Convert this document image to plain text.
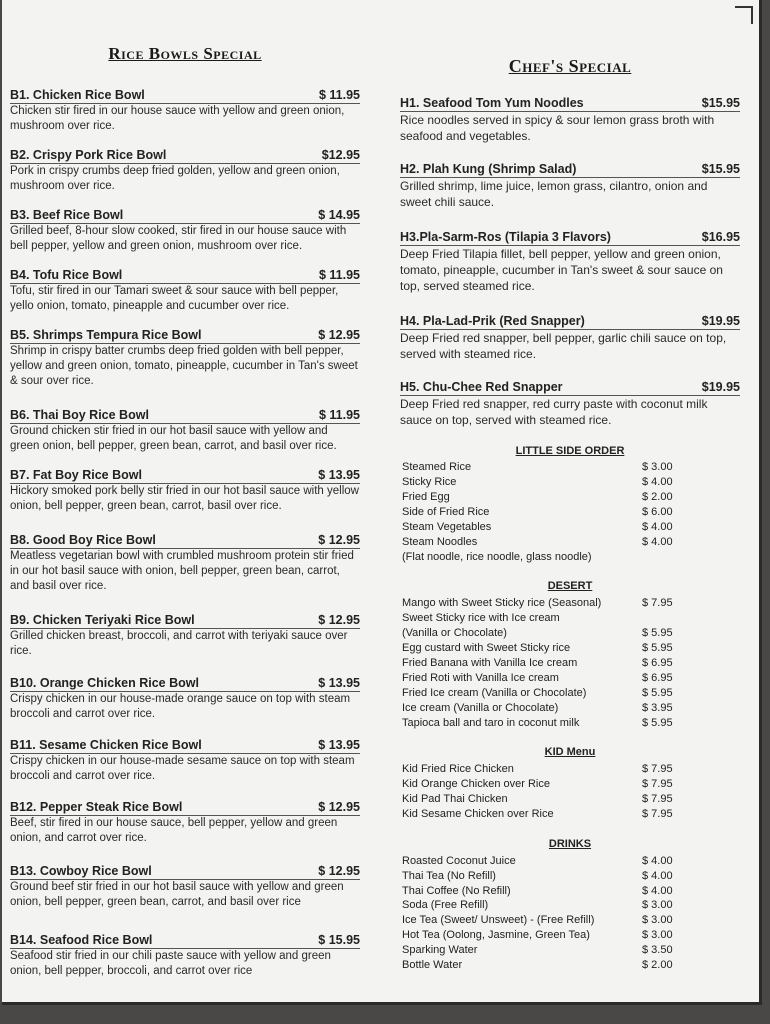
Rice Bowls Special
B1. Chicken Rice Bowl	$ 11.95
Chicken stir fired in our house sauce with yellow and green onion, mushroom over rice.
B2. Crispy Pork Rice Bowl	$12.95
Pork in crispy crumbs deep fried golden, yellow and green onion, mushroom over rice.
B3. Beef Rice Bowl	$ 14.95
Grilled beef, 8-hour slow cooked, stir fired in our house sauce with bell pepper, yellow and green onion, mushroom over rice.
B4. Tofu Rice Bowl	$ 11.95
Tofu, stir fired in our Tamari sweet & sour sauce with bell pepper, yello onion, tomato, pineapple and cucumber over rice.
B5. Shrimps Tempura Rice Bowl	$ 12.95
Shrimp in crispy batter crumbs deep fried golden with bell pepper, yellow and green onion, tomato, pineapple, cucumber in Tan's sweet & sour over rice.
B6. Thai Boy Rice Bowl	$ 11.95
Ground chicken stir fried in our hot basil sauce with yellow and green onion, bell pepper, green bean, carrot, and basil over rice.
B7. Fat Boy Rice Bowl	$ 13.95
Hickory smoked pork belly stir fried in our hot basil sauce with yellow onion, bell pepper, green bean, carrot, basil over rice.
B8. Good Boy Rice Bowl	$ 12.95
Meatless vegetarian bowl with crumbled mushroom protein stir fried in our hot basil sauce with onion, bell pepper, green bean, carrot, and basil over rice.
B9. Chicken Teriyaki Rice Bowl	$ 12.95
Grilled chicken breast, broccoli, and carrot with teriyaki sauce over rice.
B10. Orange Chicken Rice Bowl	$ 13.95
Crispy chicken in our house-made orange sauce on top with steam broccoli and carrot over rice.
B11. Sesame Chicken Rice Bowl	$ 13.95
Crispy chicken in our house-made sesame sauce on top with steam broccoli and carrot over rice.
B12. Pepper Steak Rice Bowl	$ 12.95
Beef, stir fired in our house sauce, bell pepper, yellow and green onion, and carrot over rice.
B13. Cowboy Rice Bowl	$ 12.95
Ground beef stir fried in our hot basil sauce with yellow and green onion, bell pepper, green bean, carrot, and basil over rice
B14. Seafood Rice Bowl	$ 15.95
Seafood stir fried in our chili paste sauce with yellow and green onion, bell pepper, broccoli, and carrot over rice
Chef's Special
H1. Seafood Tom Yum Noodles	$15.95
Rice noodles served in spicy & sour lemon grass broth with seafood and vegetables.
H2. Plah Kung (Shrimp Salad)	$15.95
Grilled shrimp, lime juice, lemon grass, cilantro, onion and sweet chili sauce.
H3.Pla-Sarm-Ros (Tilapia 3 Flavors)	$16.95
Deep Fried Tilapia fillet, bell pepper, yellow and green onion, tomato, pineapple, cucumber in Tan's sweet & sour sauce on top, served steamed rice.
H4. Pla-Lad-Prik (Red Snapper)	$19.95
Deep Fried red snapper, bell pepper, garlic chili sauce on top, served with steamed rice.
H5. Chu-Chee Red Snapper	$19.95
Deep Fried red snapper, red curry paste with coconut milk sauce on top, served with steamed rice.
LITTLE SIDE ORDER
Steamed Rice	$ 3.00
Sticky Rice	$ 4.00
Fried Egg	$ 2.00
Side of Fried Rice	$ 6.00
Steam Vegetables	$ 4.00
Steam Noodles	$ 4.00
(Flat noodle, rice noodle, glass noodle)
DESERT
Mango with Sweet Sticky rice (Seasonal)	$ 7.95
Sweet Sticky rice with Ice cream
(Vanilla or Chocolate)	$ 5.95
Egg custard with Sweet Sticky rice	$ 5.95
Fried Banana with Vanilla Ice cream	$ 6.95
Fried Roti with Vanilla Ice cream	$ 6.95
Fried Ice cream (Vanilla or Chocolate)	$ 5.95
Ice cream (Vanilla or Chocolate)	$ 3.95
Tapioca ball and taro in coconut milk	$ 5.95
KID Menu
Kid Fried Rice Chicken	$ 7.95
Kid Orange Chicken over Rice	$ 7.95
Kid Pad Thai Chicken	$ 7.95
Kid Sesame Chicken over Rice	$ 7.95
DRINKS
Roasted Coconut Juice	$ 4.00
Thai Tea (No Refill)	$ 4.00
Thai Coffee (No Refill)	$ 4.00
Soda (Free Refill)	$ 3.00
Ice Tea (Sweet/ Unsweet) - (Free Refill)	$ 3.00
Hot Tea (Oolong, Jasmine, Green Tea)	$ 3.00
Sparking Water	$ 3.50
Bottle Water	$ 2.00
